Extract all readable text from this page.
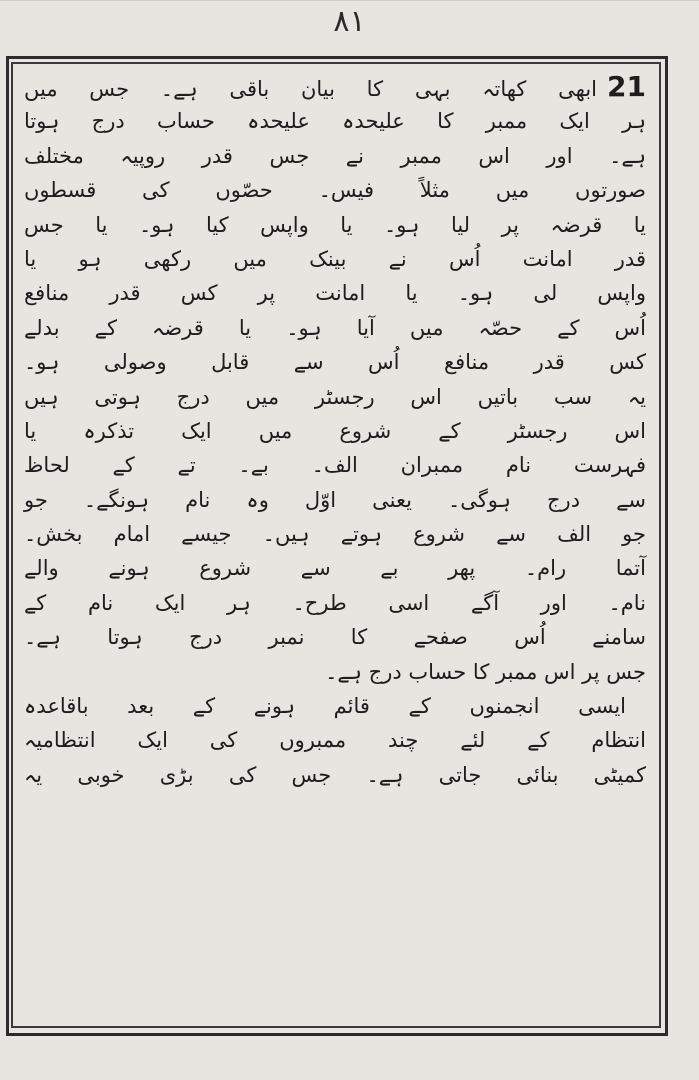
۸۱
21ابھی کھاتہ بہی کا بیان باقی ہے۔ جس میں
ہر ایک ممبر کا علیحدہ علیحدہ حساب درج ہوتا
ہے۔ اور اس ممبر نے جس قدر روپیہ مختلف
صورتوں میں مثلاً فیس۔ حصّوں کی قسطوں
یا قرضہ پر لیا ہو۔ یا واپس کیا ہو۔ یا جس
قدر امانت اُس نے بینک میں رکھی ہو یا
واپس لی ہو۔ یا امانت پر کس قدر منافع
اُس کے حصّہ میں آیا ہو۔ یا قرضہ کے بدلے
کس قدر منافع اُس سے قابل وصولی ہو۔
یہ سب باتیں اس رجسٹر میں درج ہوتی ہیں
اس رجسٹر کے شروع میں ایک تذکرہ یا
فہرست نام ممبران الف۔ بے۔ تے کے لحاظ
سے درج ہوگی۔ یعنی اوّل وہ نام ہونگے۔ جو
جو الف سے شروع ہوتے ہیں۔ جیسے امام بخش۔
آتما رام۔ پھر بے سے شروع ہونے والے
نام۔ اور آگے اسی طرح۔ ہر ایک نام کے
سامنے اُس صفحے کا نمبر درج ہوتا ہے۔
جس پر اس ممبر کا حساب درج ہے۔
ایسی انجمنوں کے قائم ہونے کے بعد باقاعدہ
انتظام کے لئے چند ممبروں کی ایک انتظامیہ
کمیٹی بنائی جاتی ہے۔ جس کی بڑی خوبی یہ
